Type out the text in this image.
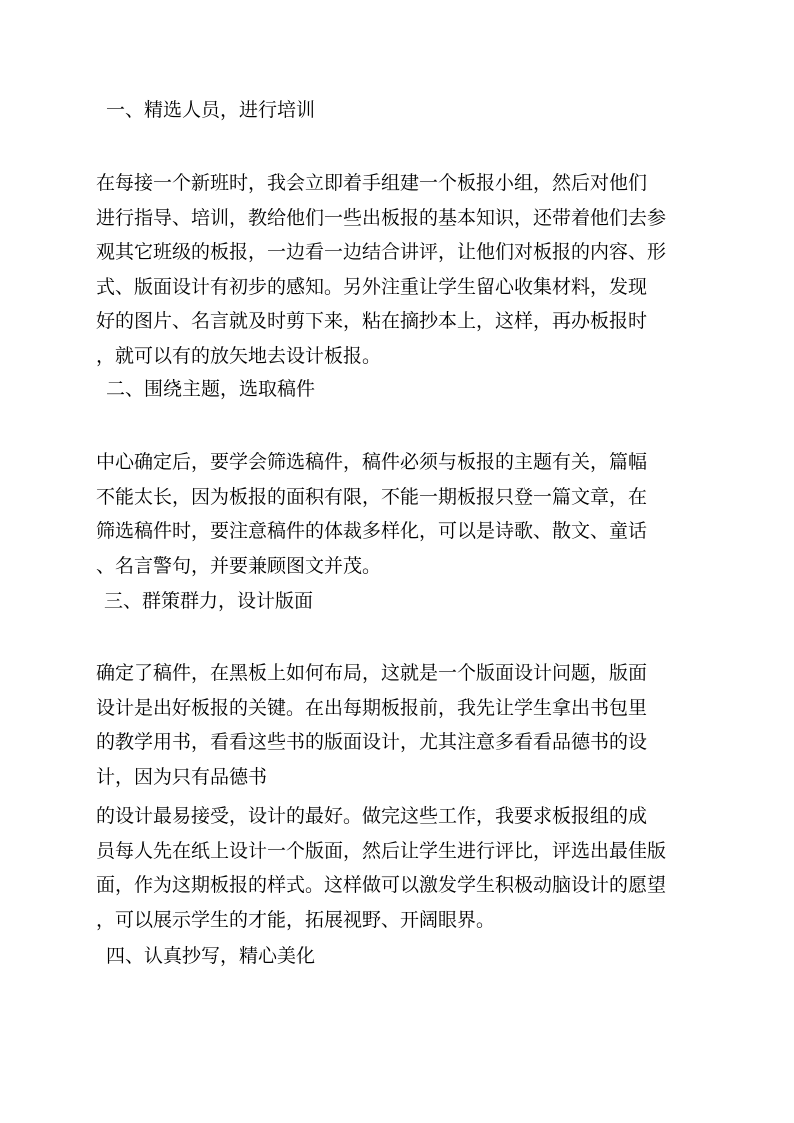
一、精选人员，进行培训
在每接一个新班时，我会立即着手组建一个板报小组，然后对他们
进行指导、培训，教给他们一些出板报的基本知识，还带着他们去参
观其它班级的板报，一边看一边结合讲评，让他们对板报的内容、形
式、版面设计有初步的感知。另外注重让学生留心收集材料，发现
好的图片、名言就及时剪下来，粘在摘抄本上，这样，再办板报时
，就可以有的放矢地去设计板报。
二、围绕主题，选取稿件
中心确定后，要学会筛选稿件，稿件必须与板报的主题有关，篇幅
不能太长，因为板报的面积有限，不能一期板报只登一篇文章，在
筛选稿件时，要注意稿件的体裁多样化，可以是诗歌、散文、童话
、名言警句，并要兼顾图文并茂。
三、群策群力，设计版面
确定了稿件，在黑板上如何布局，这就是一个版面设计问题，版面
设计是出好板报的关键。在出每期板报前，我先让学生拿出书包里
的教学用书，看看这些书的版面设计，尤其注意多看看品德书的设
计，因为只有品德书
的设计最易接受，设计的最好。做完这些工作，我要求板报组的成
员每人先在纸上设计一个版面，然后让学生进行评比，评选出最佳版
面，作为这期板报的样式。这样做可以激发学生积极动脑设计的愿望
，可以展示学生的才能，拓展视野、开阔眼界。
四、认真抄写，精心美化
